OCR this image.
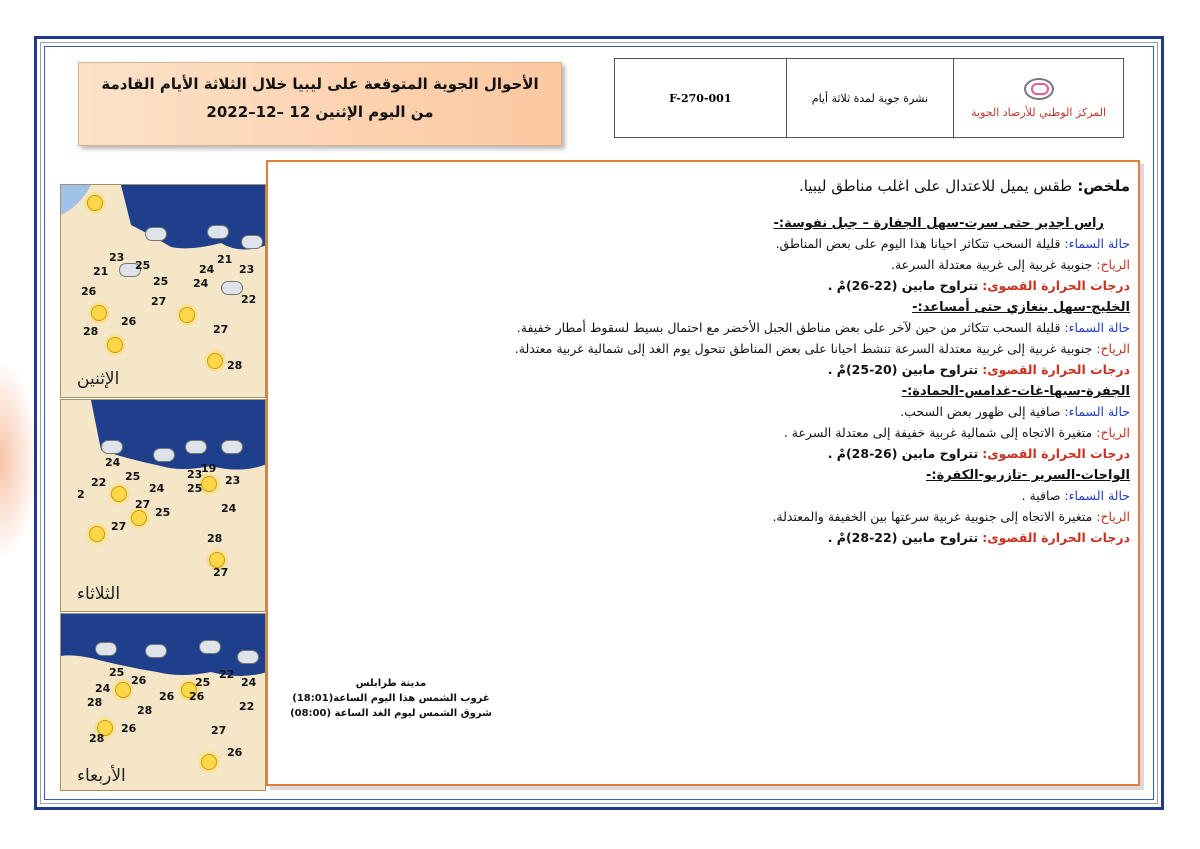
الأحوال الجوية المتوقعة على ليبيا خلال الثلاثة الأيام القادمة
من اليوم الإثنين 12 –12–2022
F-270-001	نشرة جوية لمدة ثلاثة أيام	
المركز الوطني للأرصاد الجوية
ملخص: طقس يميل للاعتدال على اغلب مناطق ليبيا.
راس اجدير حتى سرت-سهل الجفارة – جبل نفوسة:-
حالة السماء: قليلة السحب تتكاثر احيانا هذا اليوم على بعض المناطق.
الرياح: جنوبية غربية إلى غربية معتدلة السرعة.
درجات الحرارة القصوى: تتراوح مابين (22-26)مْ .
الخليج-سهل بنغازي حتى أمساعد:-
حالة السماء: قليلة السحب تتكاثر من حين لآخر على بعض مناطق الجبل الأخضر مع احتمال بسيط لسقوط أمطار خفيفة.
الرياح: جنوبية غربية إلى غربية معتدلة السرعة تنشط احيانا على بعض المناطق تتحول يوم الغد إلى شمالية غربية معتدلة.
درجات الحرارة القصوى: تتراوح مابين (20-25)مْ .
الجفرة-سبها-غات-غدامس-الحمادة:-
حالة السماء: صافية إلى ظهور بعض السحب.
الرياح: متغيرة الاتجاه إلى شمالية غربية خفيفة إلى معتدلة السرعة .
درجات الحرارة القصوى: تتراوح مابين (26-28)مْ .
الواحات-السرير -تازربو-الكفرة:-
حالة السماء: صافية .
الرياح: متغيرة الاتجاه إلى جنوبية غربية سرعتها بين الخفيفة والمعتدلة.
درجات الحرارة القصوى: تتراوح مابين (22-28)مْ .
مدينة طرابلس
غروب الشمس هذا اليوم الساعة(18:01)
شروق الشمس ليوم الغد الساعة (08:00)
23
25
21
21
24 23
26
25 24
22
27
28
26
27
28
الإثنين
24
25	23
19
22	25
24
23
2
27
25	24
27
28
27
الثلاثاء
25
26	25
22
24	24
28	26 26
22
28
28
26	27
26
الأربعاء
